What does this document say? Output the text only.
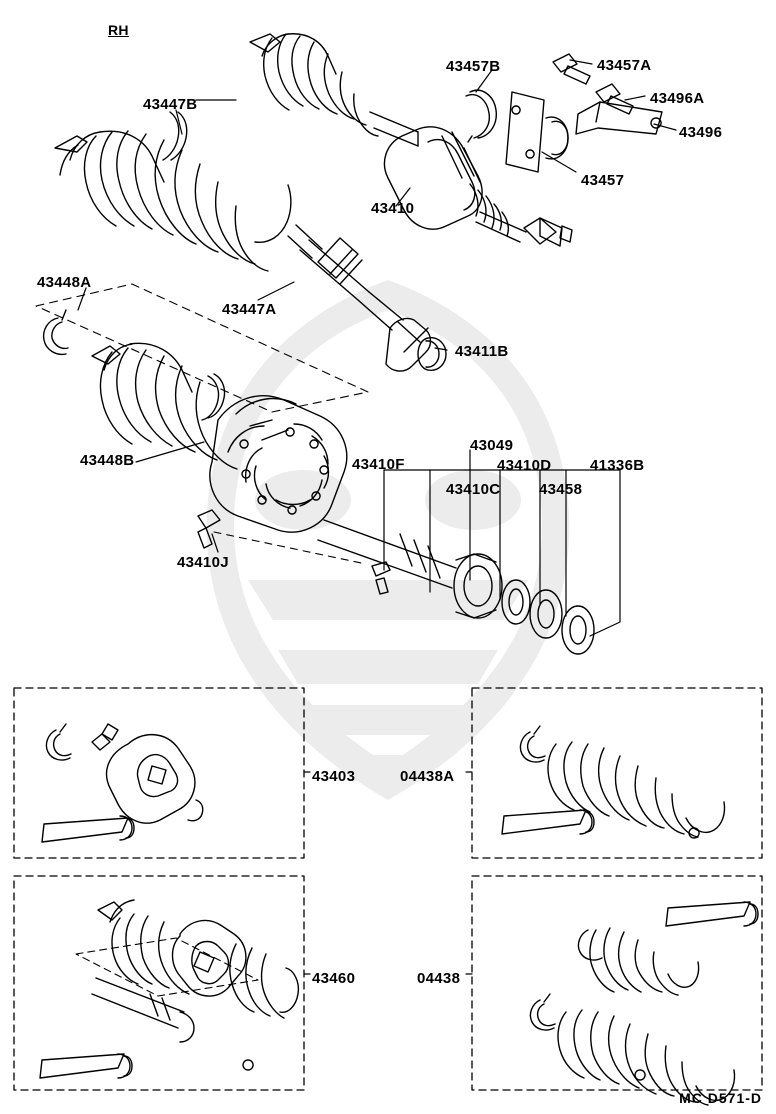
RH
43447B
43457B	43457A
43496A
43496
43457
43410
43448A
43447A
43411B
43049
43410F	43410D	41336B
43448B
43410C	43458
43410J
43403	04438A
43460	04438
MC D571-D
